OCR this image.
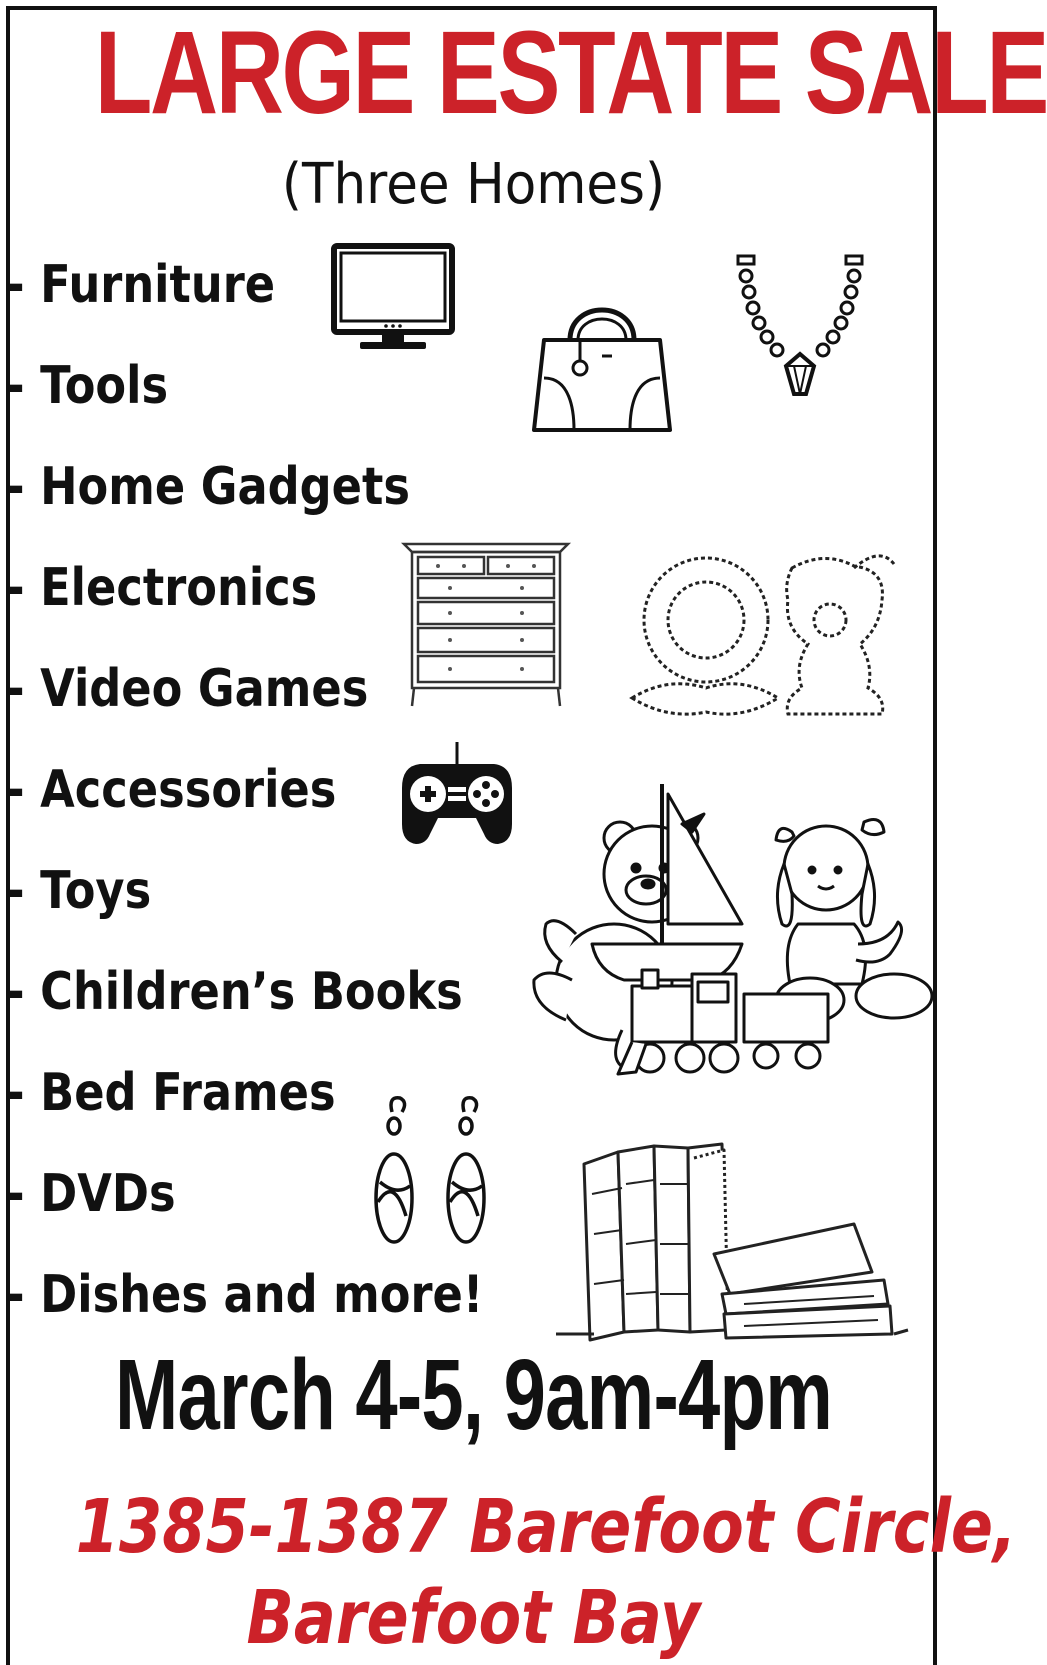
LARGE ESTATE SALE
(Three Homes)
- Furniture
- Tools
- Home Gadgets
- Electronics
- Video Games
- Accessories
- Toys
- Children’s Books
- Bed Frames
- DVDs
- Dishes and more!
March 4-5, 9am-4pm
1385-1387 Barefoot Circle,
Barefoot Bay
